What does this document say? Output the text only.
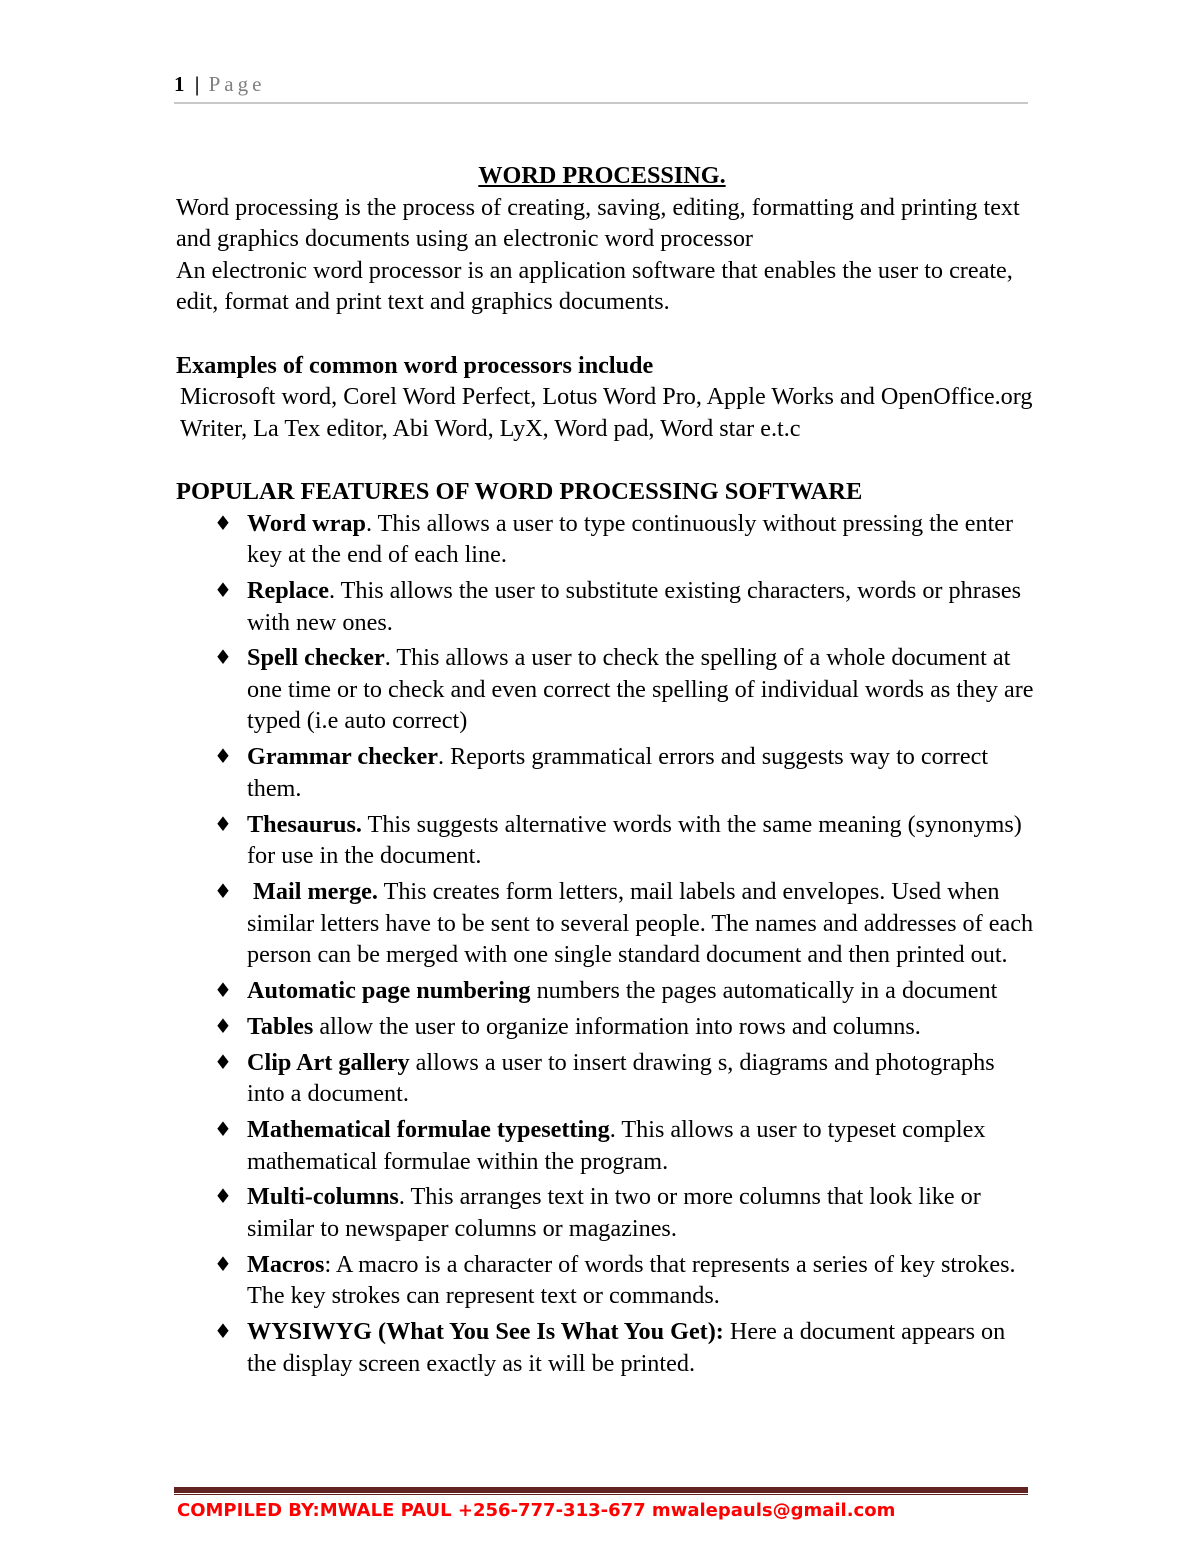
1 | Page
WORD PROCESSING.

Word processing is the process of creating, saving, editing, formatting and printing text and graphics documents using an electronic word processor

An electronic word processor is an application software that enables the user to create, edit, format and print text and graphics documents.

Examples of common word processors include

Microsoft word, Corel Word Perfect, Lotus Word Pro, Apple Works and OpenOffice.org Writer, La Tex editor, Abi Word, LyX, Word pad, Word star e.t.c

POPULAR FEATURES OF WORD PROCESSING SOFTWARE

♦ Word wrap. This allows a user to type continuously without pressing the enter key at the end of each line.
♦ Replace. This allows the user to substitute existing characters, words or phrases with new ones.
♦ Spell checker. This allows a user to check the spelling of a whole document at one time or to check and even correct the spelling of individual words as they are typed (i.e auto correct)
♦ Grammar checker. Reports grammatical errors and suggests way to correct them.
♦ Thesaurus. This suggests alternative words with the same meaning (synonyms) for use in the document.
♦ Mail merge. This creates form letters, mail labels and envelopes. Used when similar letters have to be sent to several people. The names and addresses of each person can be merged with one single standard document and then printed out.
♦ Automatic page numbering numbers the pages automatically in a document
♦ Tables allow the user to organize information into rows and columns.
♦ Clip Art gallery allows a user to insert drawing s, diagrams and photographs into a document.
♦ Mathematical formulae typesetting. This allows a user to typeset complex mathematical formulae within the program.
♦ Multi-columns. This arranges text in two or more columns that look like or similar to newspaper columns or magazines.
♦ Macros: A macro is a character of words that represents a series of key strokes. The key strokes can represent text or commands.
♦ WYSIWYG (What You See Is What You Get): Here a document appears on the display screen exactly as it will be printed.
COMPILED BY:MWALE PAUL +256-777-313-677 mwalepauls@gmail.com
